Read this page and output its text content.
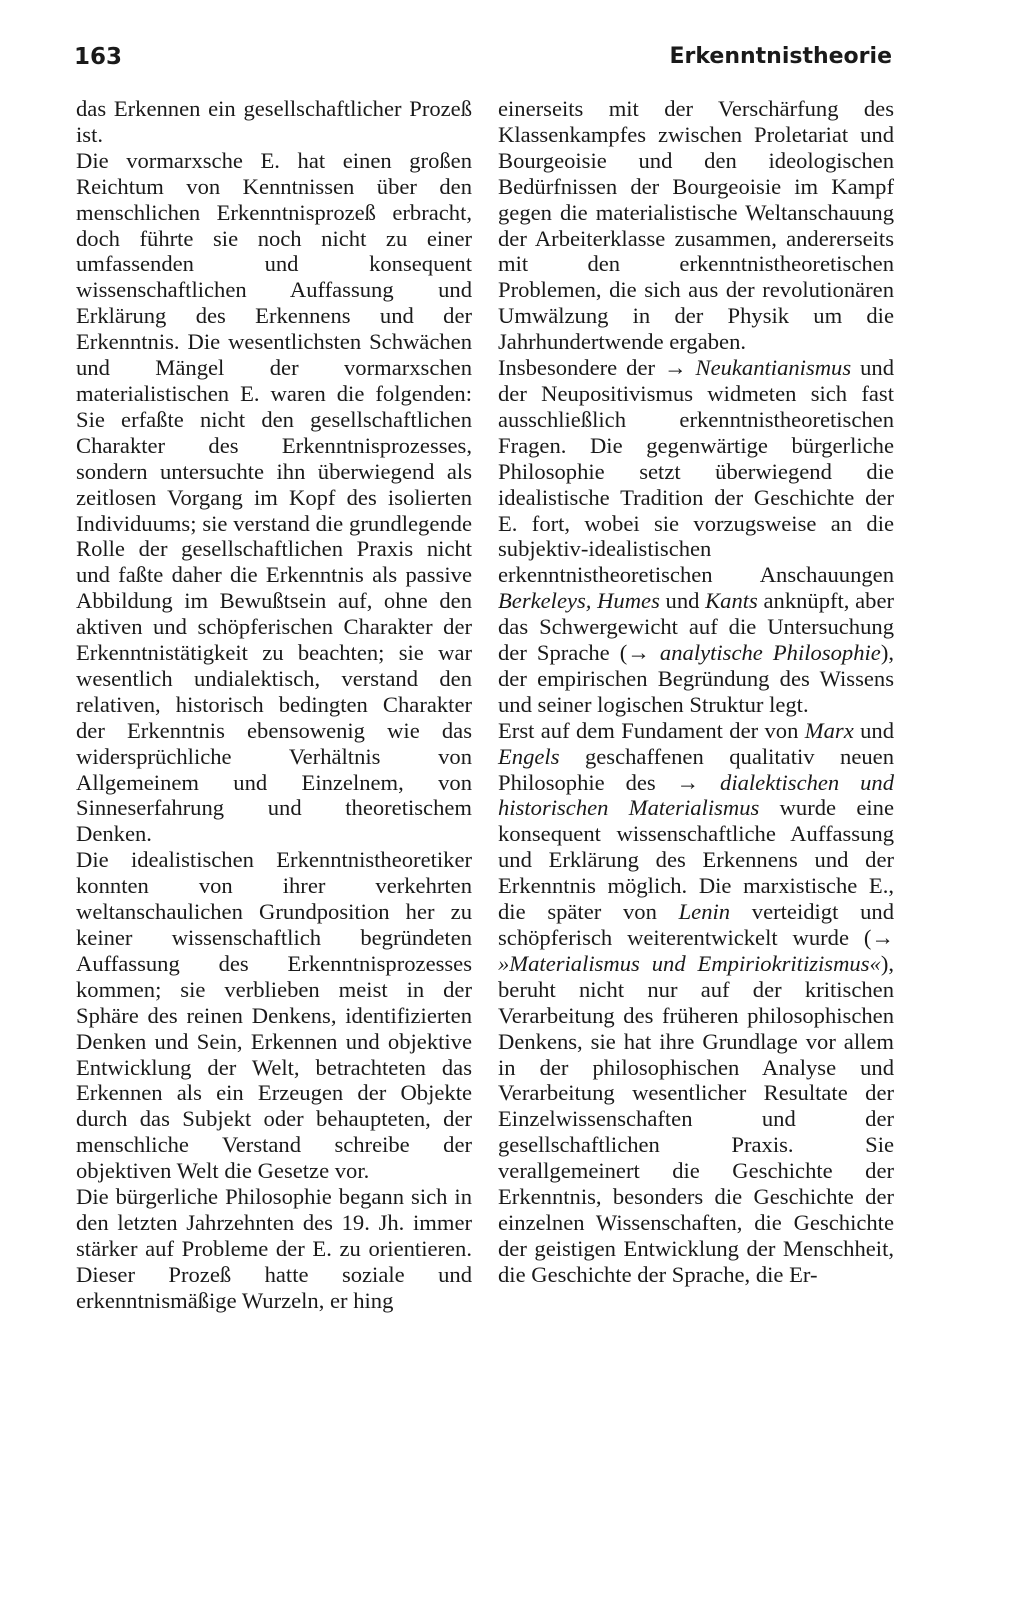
163	Erkenntnistheorie

das Erkennen ein gesellschaftlicher Prozeß ist.

Die vormarxsche E. hat einen großen Reichtum von Kenntnissen über den menschlichen Erkenntnisprozeß erbracht, doch führte sie noch nicht zu einer umfassenden und konsequent wissenschaftlichen Auffassung und Erklärung des Erkennens und der Erkenntnis. Die wesentlichsten Schwächen und Mängel der vormarxschen materialistischen E. waren die folgenden: Sie erfaßte nicht den gesellschaftlichen Charakter des Erkenntnisprozesses, sondern untersuchte ihn überwiegend als zeitlosen Vorgang im Kopf des isolierten Individuums; sie verstand die grundlegende Rolle der gesellschaftlichen Praxis nicht und faßte daher die Erkenntnis als passive Abbildung im Bewußtsein auf, ohne den aktiven und schöpferischen Charakter der Erkenntnistätigkeit zu beachten; sie war wesentlich undialektisch, verstand den relativen, historisch bedingten Charakter der Erkenntnis ebensowenig wie das widersprüchliche Verhältnis von Allgemeinem und Einzelnem, von Sinneserfahrung und theoretischem Denken.

Die idealistischen Erkenntnistheoretiker konnten von ihrer verkehrten weltanschaulichen Grundposition her zu keiner wissenschaftlich begründeten Auffassung des Erkenntnisprozesses kommen; sie verblieben meist in der Sphäre des reinen Denkens, identifizierten Denken und Sein, Erkennen und objektive Entwicklung der Welt, betrachteten das Erkennen als ein Erzeugen der Objekte durch das Subjekt oder behaupteten, der menschliche Verstand schreibe der objektiven Welt die Gesetze vor.

Die bürgerliche Philosophie begann sich in den letzten Jahrzehnten des 19. Jh. immer stärker auf Probleme der E. zu orientieren. Dieser Prozeß hatte soziale und erkenntnismäßige Wurzeln, er hing

einerseits mit der Verschärfung des Klassenkampfes zwischen Proletariat und Bourgeoisie und den ideologischen Bedürfnissen der Bourgeoisie im Kampf gegen die materialistische Weltanschauung der Arbeiterklasse zusammen, andererseits mit den erkenntnistheoretischen Problemen, die sich aus der revolutionären Umwälzung in der Physik um die Jahrhundertwende ergaben.

Insbesondere der → Neukantianismus und der Neupositivismus widmeten sich fast ausschließlich erkenntnistheoretischen Fragen. Die gegenwärtige bürgerliche Philosophie setzt überwiegend die idealistische Tradition der Geschichte der E. fort, wobei sie vorzugsweise an die subjektiv-idealistischen erkenntnistheoretischen Anschauungen Berkeleys, Humes und Kants anknüpft, aber das Schwergewicht auf die Untersuchung der Sprache (→ analytische Philosophie), der empirischen Begründung des Wissens und seiner logischen Struktur legt.

Erst auf dem Fundament der von Marx und Engels geschaffenen qualitativ neuen Philosophie des → dialektischen und historischen Materialismus wurde eine konsequent wissenschaftliche Auffassung und Erklärung des Erkennens und der Erkenntnis möglich. Die marxistische E., die später von Lenin verteidigt und schöpferisch weiterentwickelt wurde (→ »Materialismus und Empiriokritizismus«), beruht nicht nur auf der kritischen Verarbeitung des früheren philosophischen Denkens, sie hat ihre Grundlage vor allem in der philosophischen Analyse und Verarbeitung wesentlicher Resultate der Einzelwissenschaften und der gesellschaftlichen Praxis. Sie verallgemeinert die Geschichte der Erkenntnis, besonders die Geschichte der einzelnen Wissenschaften, die Geschichte der geistigen Entwicklung der Menschheit, die Geschichte der Sprache, die Er-
